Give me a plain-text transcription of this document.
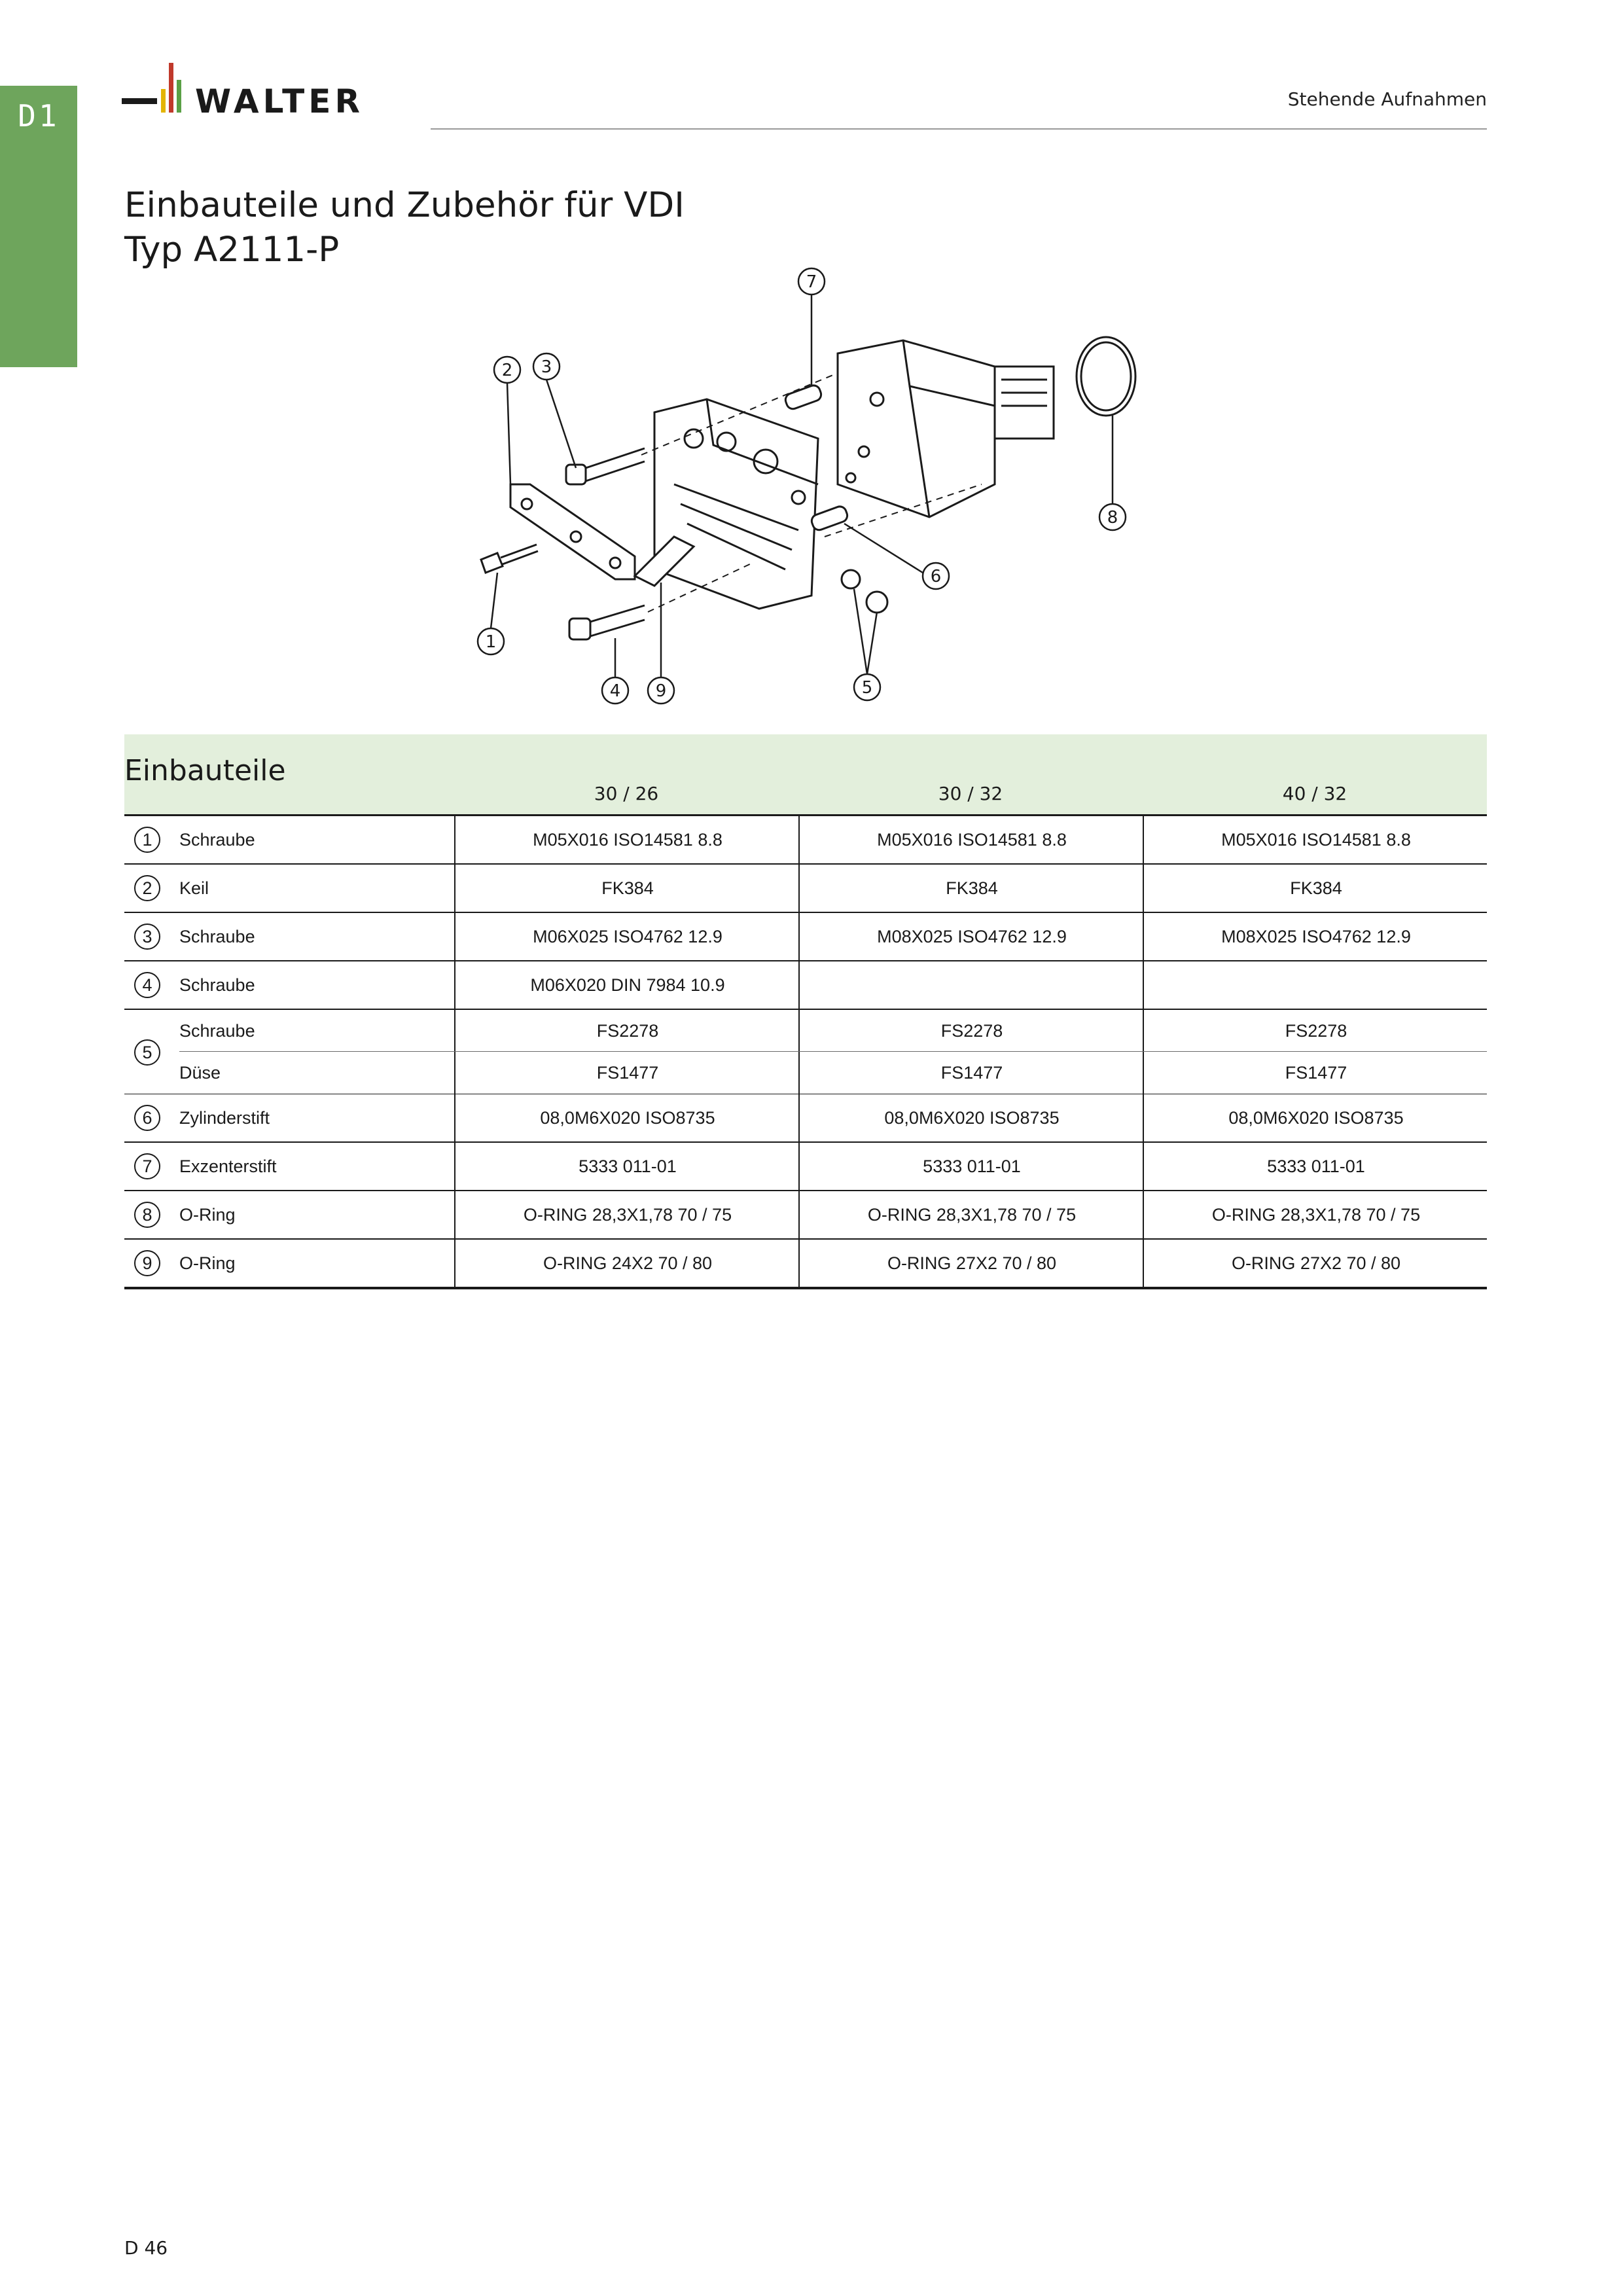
D1	WALTER	Stehende Aufnahmen
Einbauteile und Zubehör für VDI
Typ A2111-P
7
2 3
1
4 9	5
6
8
Einbauteile
30 / 26	30 / 32	40 / 32
1	Schraube	M05X016 ISO14581 8.8	M05X016 ISO14581 8.8	M05X016 ISO14581 8.8
2	Keil	FK384	FK384	FK384
3	Schraube	M06X025 ISO4762 12.9	M08X025 ISO4762 12.9	M08X025 ISO4762 12.9
4	Schraube	M06X020 DIN 7984 10.9
5
Schraube	FS2278	FS2278	FS2278
Düse	FS1477	FS1477	FS1477
6	Zylinderstift	08,0M6X020 ISO8735	08,0M6X020 ISO8735	08,0M6X020 ISO8735
7	Exzenterstift	5333 011-01	5333 011-01	5333 011-01
8	O-Ring	O-RING 28,3X1,78 70 / 75	O-RING 28,3X1,78 70 / 75	O-RING 28,3X1,78 70 / 75
9	O-Ring	O-RING 24X2 70 / 80	O-RING 27X2 70 / 80	O-RING 27X2 70 / 80
D 46
